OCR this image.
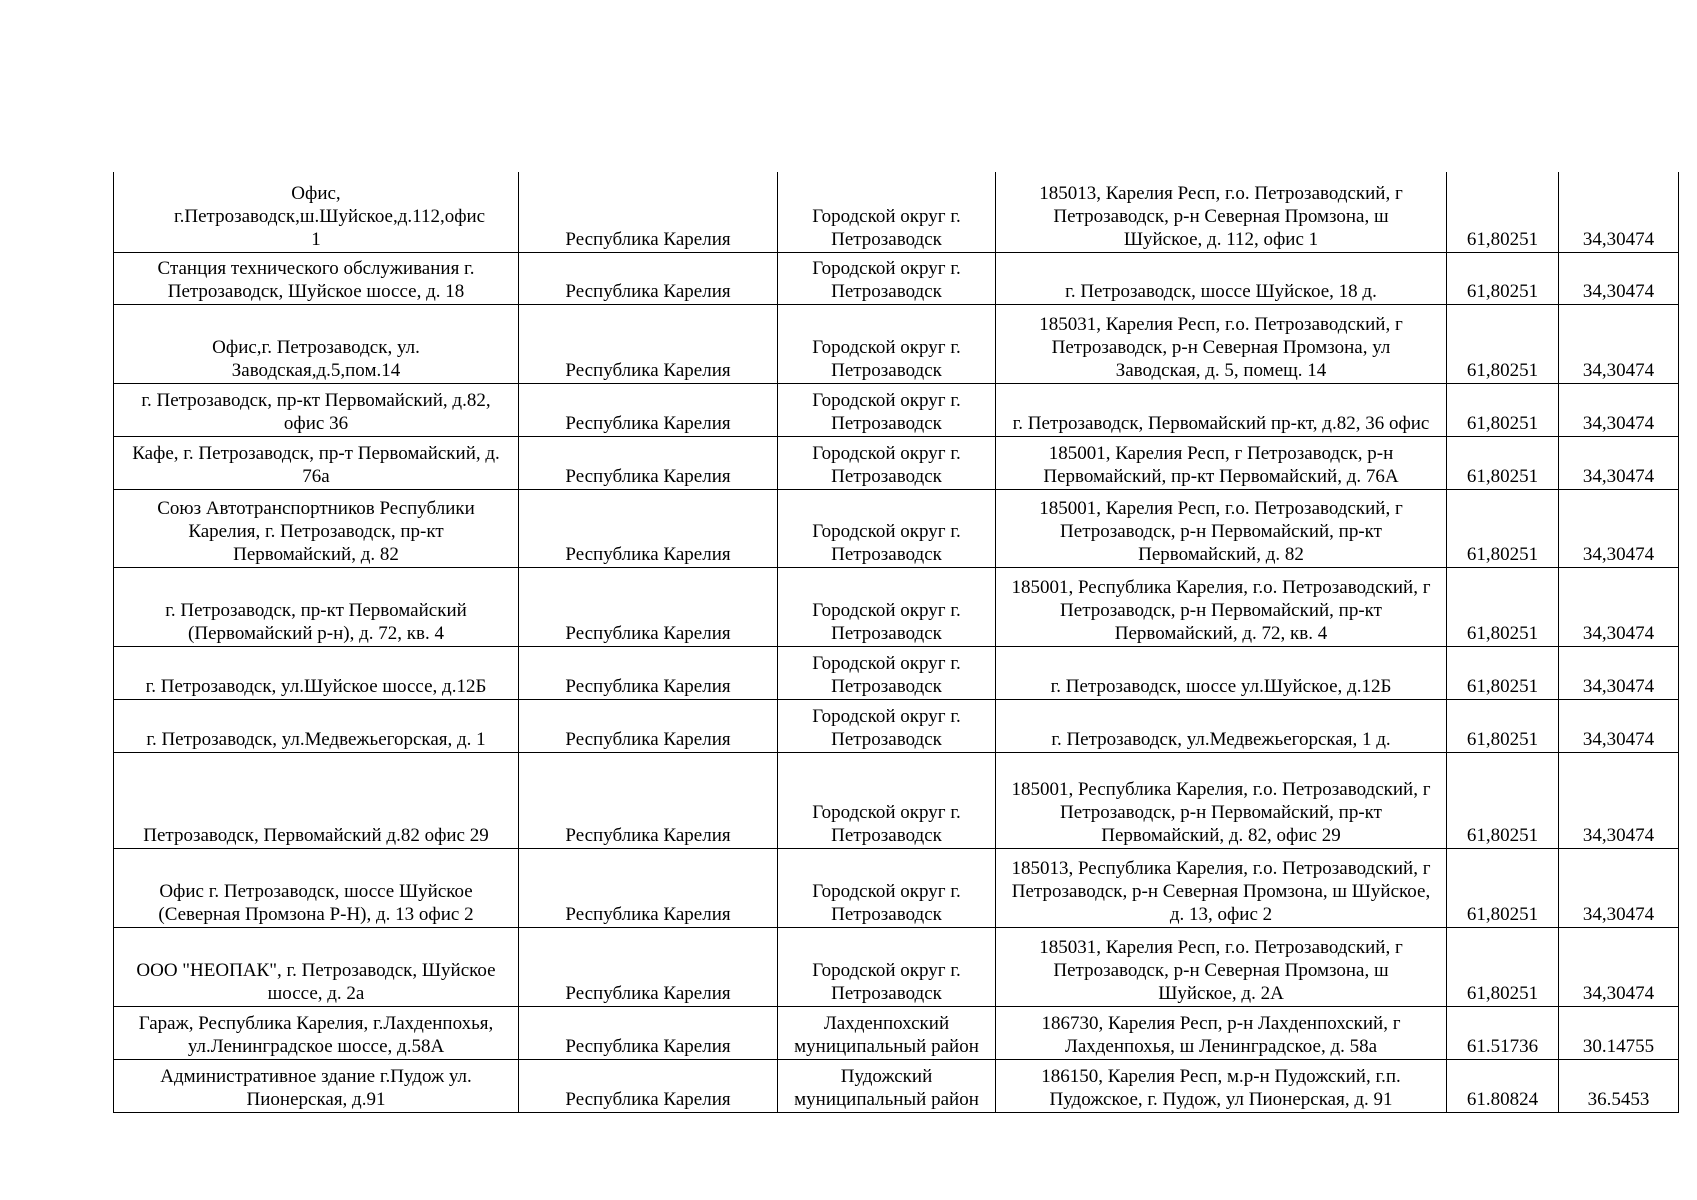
Офис, г.Петрозаводск,ш.Шуйское,д.112,офис 1	Республика Карелия	Городской округ г. Петрозаводск	185013, Карелия Респ, г.о. Петрозаводский, г Петрозаводск, р-н Северная Промзона, ш Шуйское, д. 112, офис 1	61,80251	34,30474
Станция технического обслуживания г. Петрозаводск, Шуйское шоссе, д. 18	Республика Карелия	Городской округ г. Петрозаводск	г. Петрозаводск, шоссе Шуйское, 18 д.	61,80251	34,30474
Офис,г. Петрозаводск, ул. Заводская,д.5,пом.14	Республика Карелия	Городской округ г. Петрозаводск	185031, Карелия Респ, г.о. Петрозаводский, г Петрозаводск, р-н Северная Промзона, ул Заводская, д. 5, помещ. 14	61,80251	34,30474
г. Петрозаводск, пр-кт Первомайский, д.82, офис 36	Республика Карелия	Городской округ г. Петрозаводск	г. Петрозаводск, Первомайский пр-кт, д.82, 36 офис	61,80251	34,30474
Кафе, г. Петрозаводск, пр-т Первомайский, д. 76а	Республика Карелия	Городской округ г. Петрозаводск	185001, Карелия Респ, г Петрозаводск, р-н Первомайский, пр-кт Первомайский, д. 76А	61,80251	34,30474
Союз Автотранспортников Республики Карелия, г. Петрозаводск, пр-кт Первомайский, д. 82	Республика Карелия	Городской округ г. Петрозаводск	185001, Карелия Респ, г.о. Петрозаводский, г Петрозаводск, р-н Первомайский, пр-кт Первомайский, д. 82	61,80251	34,30474
г. Петрозаводск, пр-кт Первомайский (Первомайский р-н), д. 72, кв. 4	Республика Карелия	Городской округ г. Петрозаводск	185001, Республика Карелия, г.о. Петрозаводский, г Петрозаводск, р-н Первомайский, пр-кт Первомайский, д. 72, кв. 4	61,80251	34,30474
г. Петрозаводск, ул.Шуйское шоссе, д.12Б	Республика Карелия	Городской округ г. Петрозаводск	г. Петрозаводск, шоссе ул.Шуйское, д.12Б	61,80251	34,30474
г. Петрозаводск, ул.Медвежьегорская, д. 1	Республика Карелия	Городской округ г. Петрозаводск	г. Петрозаводск, ул.Медвежьегорская, 1 д.	61,80251	34,30474
Петрозаводск, Первомайский д.82 офис 29	Республика Карелия	Городской округ г. Петрозаводск	185001, Республика Карелия, г.о. Петрозаводский, г Петрозаводск, р-н Первомайский, пр-кт Первомайский, д. 82, офис 29	61,80251	34,30474
Офис г. Петрозаводск, шоссе Шуйское (Северная Промзона Р-Н), д. 13 офис 2	Республика Карелия	Городской округ г. Петрозаводск	185013, Республика Карелия, г.о. Петрозаводский, г Петрозаводск, р-н Северная Промзона, ш Шуйское, д. 13, офис 2	61,80251	34,30474
ООО "НЕОПАК", г. Петрозаводск, Шуйское шоссе, д. 2а	Республика Карелия	Городской округ г. Петрозаводск	185031, Карелия Респ, г.о. Петрозаводский, г Петрозаводск, р-н Северная Промзона, ш Шуйское, д. 2А	61,80251	34,30474
Гараж, Республика Карелия, г.Лахденпохья, ул.Ленинградское шоссе, д.58А	Республика Карелия	Лахденпохский муниципальный район	186730, Карелия Респ, р-н Лахденпохский, г Лахденпохья, ш Ленинградское, д. 58а	61.51736	30.14755
Административное здание г.Пудож ул. Пионерская, д.91	Республика Карелия	Пудожский муниципальный район	186150, Карелия Респ, м.р-н Пудожский, г.п. Пудожское, г. Пудож, ул Пионерская, д. 91	61.80824	36.5453
